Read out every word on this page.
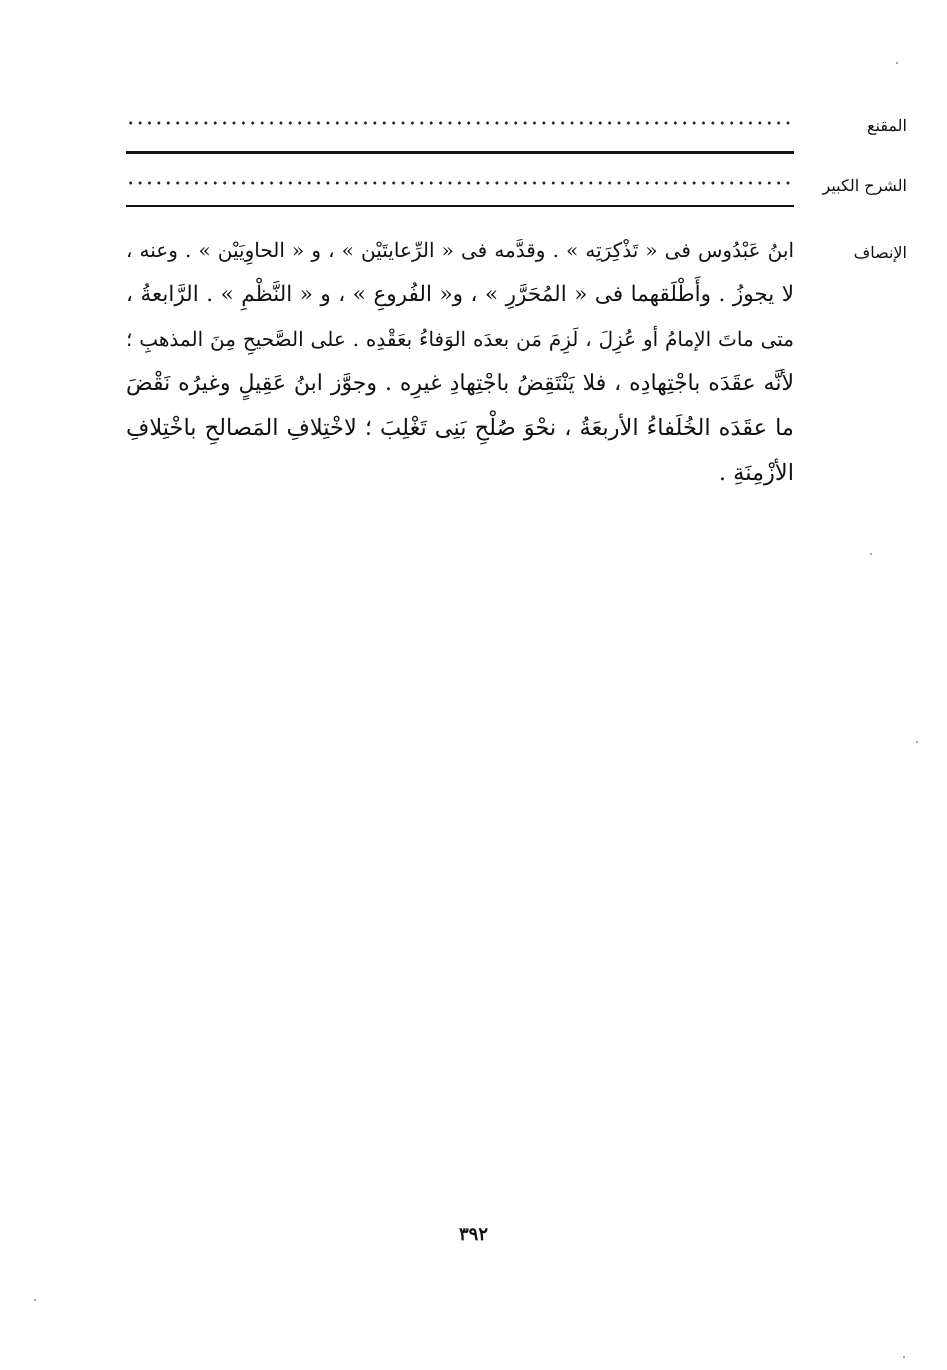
المقنع
الشرح الكبير
الإنصاف
ابنُ عَبْدُوس فى « تَذْكِرَتِه » . وقدَّمه فى « الرِّعايتَيْن » ، و « الحاوِيَيْن » . وعنه ،
لا يجوزُ . وأَطْلَقهما فى « المُحَرَّرِ » ، و« الفُروعِ » ، و « النَّظْمِ » . الرَّابعةُ ،
متى ماتَ الإمامُ أو عُزِلَ ، لَزِمَ مَن بعدَه الوَفاءُ بعَقْدِه . على الصَّحيحِ مِنَ المذهبِ ؛
لأنَّه عقَدَه باجْتِهادِه ، فلا يَنْتَقِضُ باجْتِهادِ غيرِه . وجوَّز ابنُ عَقِيلٍ وغيرُه نَقْضَ
ما عقَدَه الخُلَفاءُ الأربعَةُ ، نحْوَ صُلْحِ بَنِى تَغْلِبَ ؛ لاخْتِلافِ المَصالحِ باخْتِلافِ
الأزْمِنَةِ .
٣٩٢
